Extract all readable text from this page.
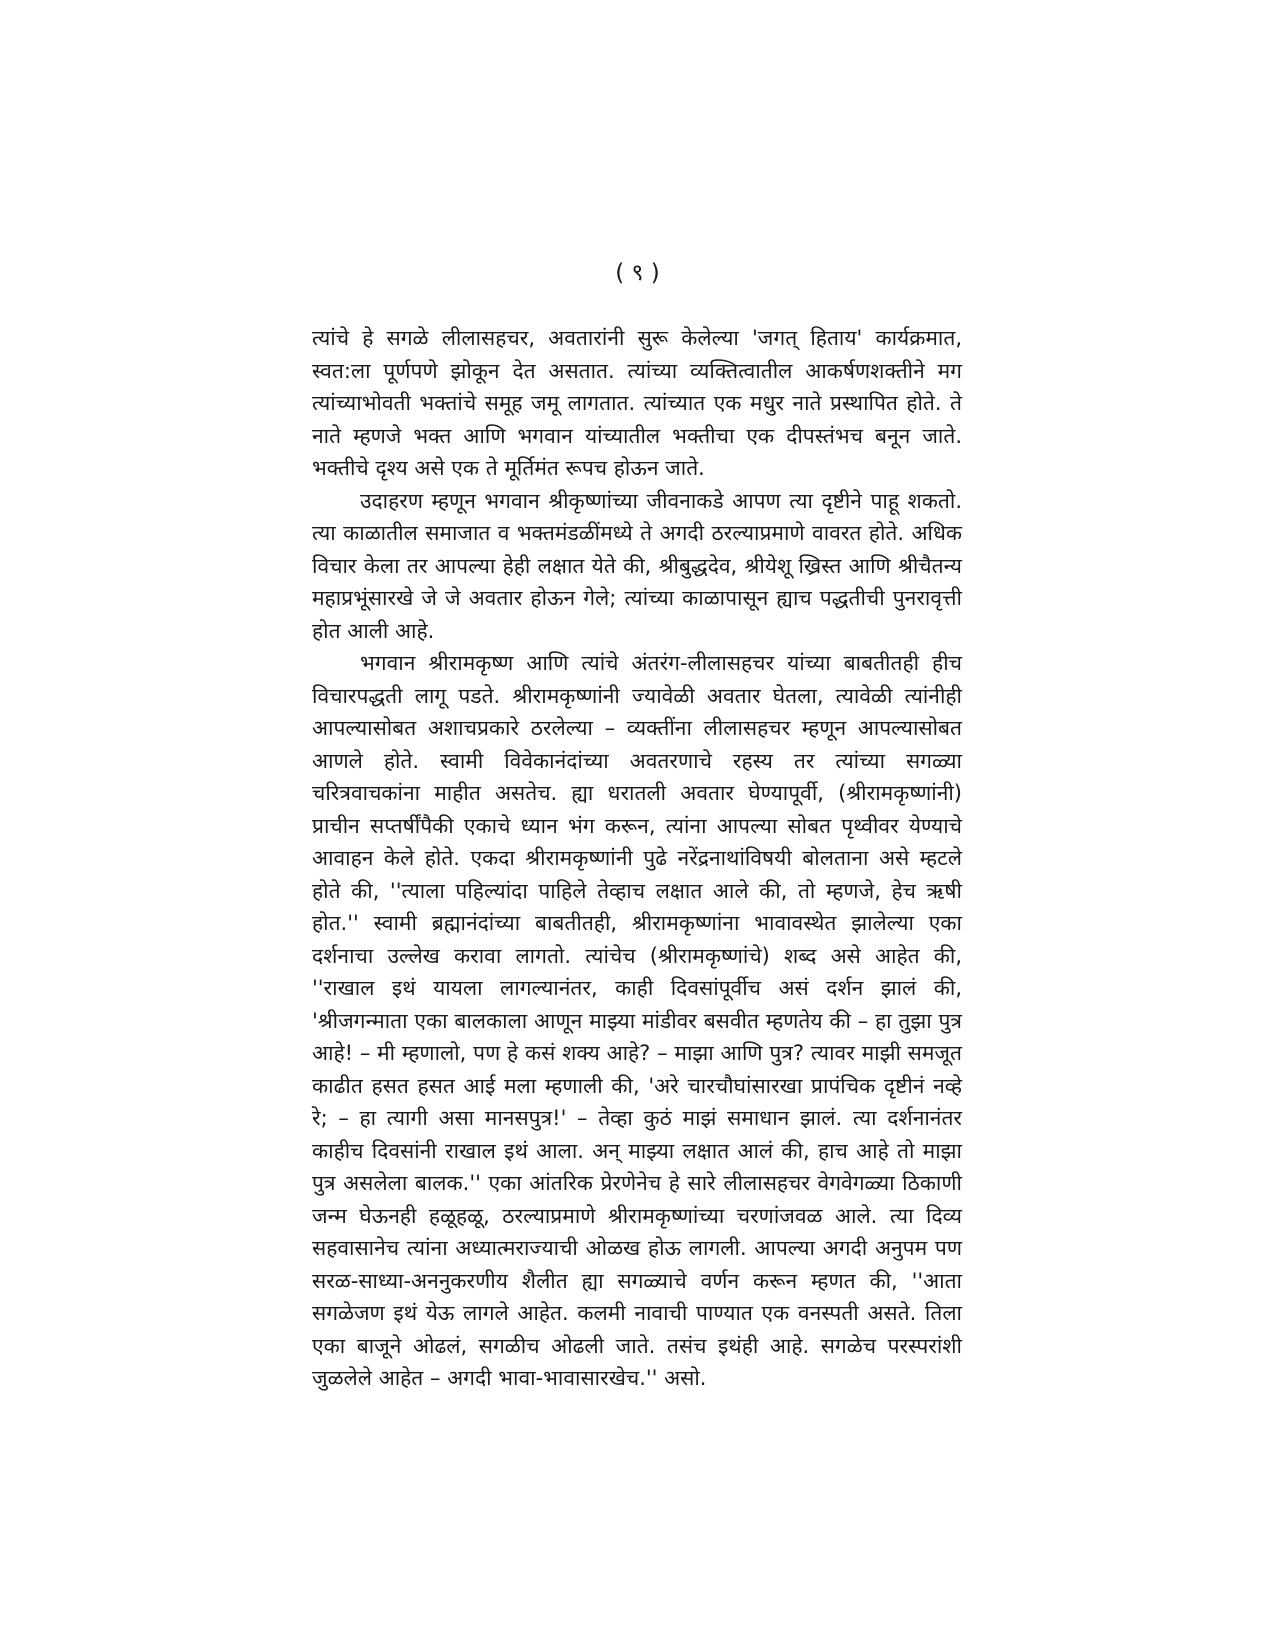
( ९ )

त्यांचे हे सगळे लीलासहचर, अवतारांनी सुरू केलेल्या 'जगत् हिताय' कार्यक्रमात, स्वत:ला पूर्णपणे झोकून देत असतात. त्यांच्या व्यक्तित्वातील आकर्षणशक्तीने मग त्यांच्याभोवती भक्तांचे समूह जमू लागतात. त्यांच्यात एक मधुर नाते प्रस्थापित होते. ते नाते म्हणजे भक्त आणि भगवान यांच्यातील भक्तीचा एक दीपस्तंभच बनून जाते. भक्तीचे दृश्य असे एक ते मूर्तिमंत रूपच होऊन जाते.

उदाहरण म्हणून भगवान श्रीकृष्णांच्या जीवनाकडे आपण त्या दृष्टीने पाहू शकतो. त्या काळातील समाजात व भक्तमंडळींमध्ये ते अगदी ठरल्याप्रमाणे वावरत होते. अधिक विचार केला तर आपल्या हेही लक्षात येते की, श्रीबुद्धदेव, श्रीयेशू ख्रिस्त आणि श्रीचैतन्य महाप्रभूंसारखे जे जे अवतार होऊन गेले; त्यांच्या काळापासून ह्याच पद्धतीची पुनरावृत्ती होत आली आहे.

भगवान श्रीरामकृष्ण आणि त्यांचे अंतरंग-लीलासहचर यांच्या बाबतीतही हीच विचारपद्धती लागू पडते. श्रीरामकृष्णांनी ज्यावेळी अवतार घेतला, त्यावेळी त्यांनीही आपल्यासोबत अशाचप्रकारे ठरलेल्या – व्यक्तींना लीलासहचर म्हणून आपल्यासोबत आणले होते. स्वामी विवेकानंदांच्या अवतरणाचे रहस्य तर त्यांच्या सगळ्या चरित्रवाचकांना माहीत असतेच. ह्या धरातली अवतार घेण्यापूर्वी, (श्रीरामकृष्णांनी) प्राचीन सप्तर्षींपैकी एकाचे ध्यान भंग करून, त्यांना आपल्या सोबत पृथ्वीवर येण्याचे आवाहन केले होते. एकदा श्रीरामकृष्णांनी पुढे नरेंद्रनाथांविषयी बोलताना असे म्हटले होते की, ''त्याला पहिल्यांदा पाहिले तेव्हाच लक्षात आले की, तो म्हणजे, हेच ऋषी होत.'' स्वामी ब्रह्मानंदांच्या बाबतीतही, श्रीरामकृष्णांना भावावस्थेत झालेल्या एका दर्शनाचा उल्लेख करावा लागतो. त्यांचेच (श्रीरामकृष्णांचे) शब्द असे आहेत की, ''राखाल इथं यायला लागल्यानंतर, काही दिवसांपूर्वीच असं दर्शन झालं की, 'श्रीजगन्माता एका बालकाला आणून माझ्या मांडीवर बसवीत म्हणतेय की – हा तुझा पुत्र आहे! – मी म्हणालो, पण हे कसं शक्य आहे? – माझा आणि पुत्र? त्यावर माझी समजूत काढीत हसत हसत आई मला म्हणाली की, 'अरे चारचौघांसारखा प्रापंचिक दृष्टीनं नव्हे रे; – हा त्यागी असा मानसपुत्र!' – तेव्हा कुठं माझं समाधान झालं. त्या दर्शनानंतर काहीच दिवसांनी राखाल इथं आला. अन् माझ्या लक्षात आलं की, हाच आहे तो माझा पुत्र असलेला बालक.'' एका आंतरिक प्रेरणेनेच हे सारे लीलासहचर वेगवेगळ्या ठिकाणी जन्म घेऊनही हळूहळू, ठरल्याप्रमाणे श्रीरामकृष्णांच्या चरणांजवळ आले. त्या दिव्य सहवासानेच त्यांना अध्यात्मराज्याची ओळख होऊ लागली. आपल्या अगदी अनुपम पण सरळ-साध्या-अननुकरणीय शैलीत ह्या सगळ्याचे वर्णन करून म्हणत की, ''आता सगळेजण इथं येऊ लागले आहेत. कलमी नावाची पाण्यात एक वनस्पती असते. तिला एका बाजूने ओढलं, सगळीच ओढली जाते. तसंच इथंही आहे. सगळेच परस्परांशी जुळलेले आहेत – अगदी भावा-भावासारखेच.'' असो.
